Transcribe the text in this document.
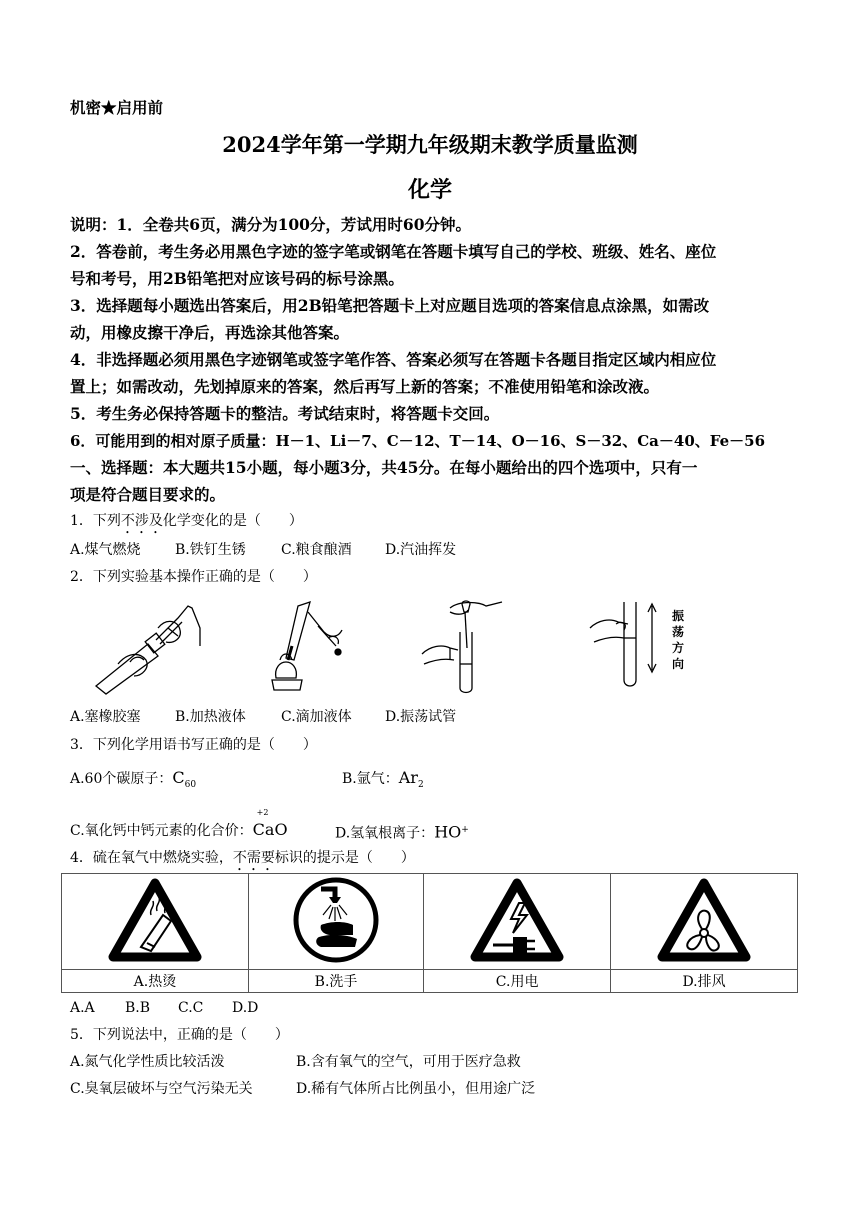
机密★启用前
2024学年第一学期九年级期末教学质量监测
化学
说明：1．全卷共6页，满分为100分，芳试用时60分钟。
2．答卷前，考生务必用黑色字迹的签字笔或钢笔在答题卡填写自己的学校、班级、姓名、座位
号和考号，用2B铅笔把对应该号码的标号涂黑。
3．选择题每小题选出答案后，用2B铅笔把答题卡上对应题目选项的答案信息点涂黑，如需改
动，用橡皮擦干净后，再选涂其他答案。
4．非选择题必须用黑色字迹钢笔或签字笔作答、答案必须写在答题卡各题目指定区域内相应位
置上；如需改动，先划掉原来的答案，然后再写上新的答案；不准使用铅笔和涂改液。
5．考生务必保持答题卡的整洁。考试结束时，将答题卡交回。
6．可能用到的相对原子质量：H－1、Li－7、C－12、T－14、O－16、S－32、Ca－40、Fe－56
一、选择题：本大题共15小题，每小题3分，共45分。在每小题给出的四个选项中，只有一
项是符合题目要求的。
1．下列不涉及化学变化的是（　　）
A.煤气燃烧 B.铁钉生锈	C.粮食酿酒 D.汽油挥发
2．下列实验基本操作正确的是（　　）
振
荡
方
向
A.塞橡胶塞 B.加热液体	C.滴加液体 D.振荡试管
3．下列化学用语书写正确的是（　　）
A.60个碳原子：$C_{60}$	B.氩气：$Ar_2$
C.氧化钙中钙元素的化合价：
+2
CaO	D.氢氧根离子：HO+
4．硫在氧气中燃烧实验，不需要标识的提示是（　　）

A.热烫	B.洗手	C.用电	D.排风
A.A B.B C.C D.D
5．下列说法中，正确的是（　　）
A.氮气化学性质比较活泼	B.含有氧气的空气，可用于医疗急救
C.臭氧层破坏与空气污染无关	D.稀有气体所占比例虽小，但用途广泛
